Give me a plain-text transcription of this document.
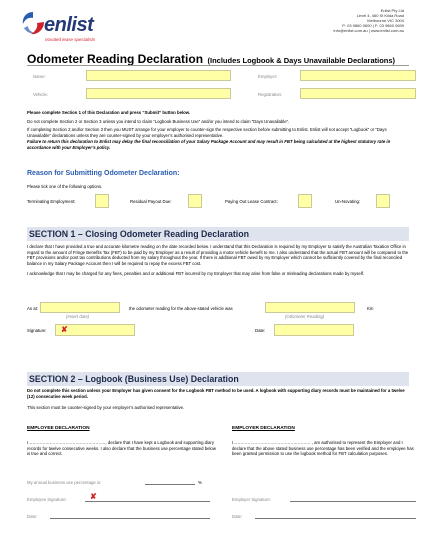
enlist
novated lease specialists
Enlist Pty Ltd
Level 4, 460 St Kilda Road
Melbourne VIC 3004
P: 03 9860 0600 | F: 03 9860 0699
info@enlist.com.au | www.enlist.com.au
Odometer Reading Declaration (Includes Logbook & Days Unavailable Declarations)
Name:	Employer:
Vehicle:	Registration:

Please complete Section 1 of this Declaration and press “Submit” button below.

Do not complete Section 2 or Section 3 unless you intend to claim “Logbook Business Use” and/or you intend to claim “Days Unavailable”.

If completing Section 2 and/or Section 3 then you MUST arrange for your employer to counter-sign the respective section before submitting to Enlist. Enlist will not accept “Logbook” or “Days Unavailable” declarations unless they are counter-signed by your employer’s authorised representative.

Failure to return this declaration to Enlist may delay the final reconciliation of your Salary Package Account and may result in FBT being calculated at the highest statutory rate in accordance with your Employer’s policy.

Reason for Submitting Odometer Declaration:
Please tick one of the following options.
Terminating Employment:	Residual Payout Due:	Paying Out Lease Contract:	Un-Novating:
SECTION 1 – Closing Odometer Reading Declaration

I declare that I have provided a true and accurate kilometre reading on the date recorded below. I understand that this Declaration is required by my Employer to satisfy the Australian Taxation Office in regard to the amount of Fringe Benefits Tax (FBT) to be paid by my Employer as a result of providing a motor vehicle benefit to me. I also understand that the actual FBT amount will be compared to the FBT provisions and/or post tax contributions deducted from my salary throughout the year. If there is additional FBT owed by my Employer which cannot be sufficiently covered by the final reconciled balance in my Salary Package Account then I will be required to repay the excess FBT cost.

I acknowledge that I may be charged for any fines, penalties and or additional FBT incurred by my Employer that may arise from false or misleading declarations made by myself.

As at:
(Insert date)
the odometer reading for the above-stated vehicle was
(Odometer Reading)
Km
Signature: ✘	Date:
SECTION 2 – Logbook (Business Use) Declaration

Do not complete this section unless your Employer has given consent for the Logbook FBT method to be used. A logbook with supporting diary records must be maintained for a twelve (12) consecutive week period.

This section must be counter-signed by your employer’s authorised representative.

EMPLOYEE DECLARATION	EMPLOYER DECLARATION

I………………………………………………, declare that I have kept a Logbook and supporting diary records for twelve consecutive weeks. I also declare that the business use percentage stated below is true and correct.

I……………………………………………… , am authorised to represent the Employer and I declare that the above stated business use percentage has been verified and the employee has been granted permission to use the logbook method for FBT calculation purposes.

My annual business use percentage is:	%
Employee Signature:	✘	Employer Signature:
Date:	Date:
